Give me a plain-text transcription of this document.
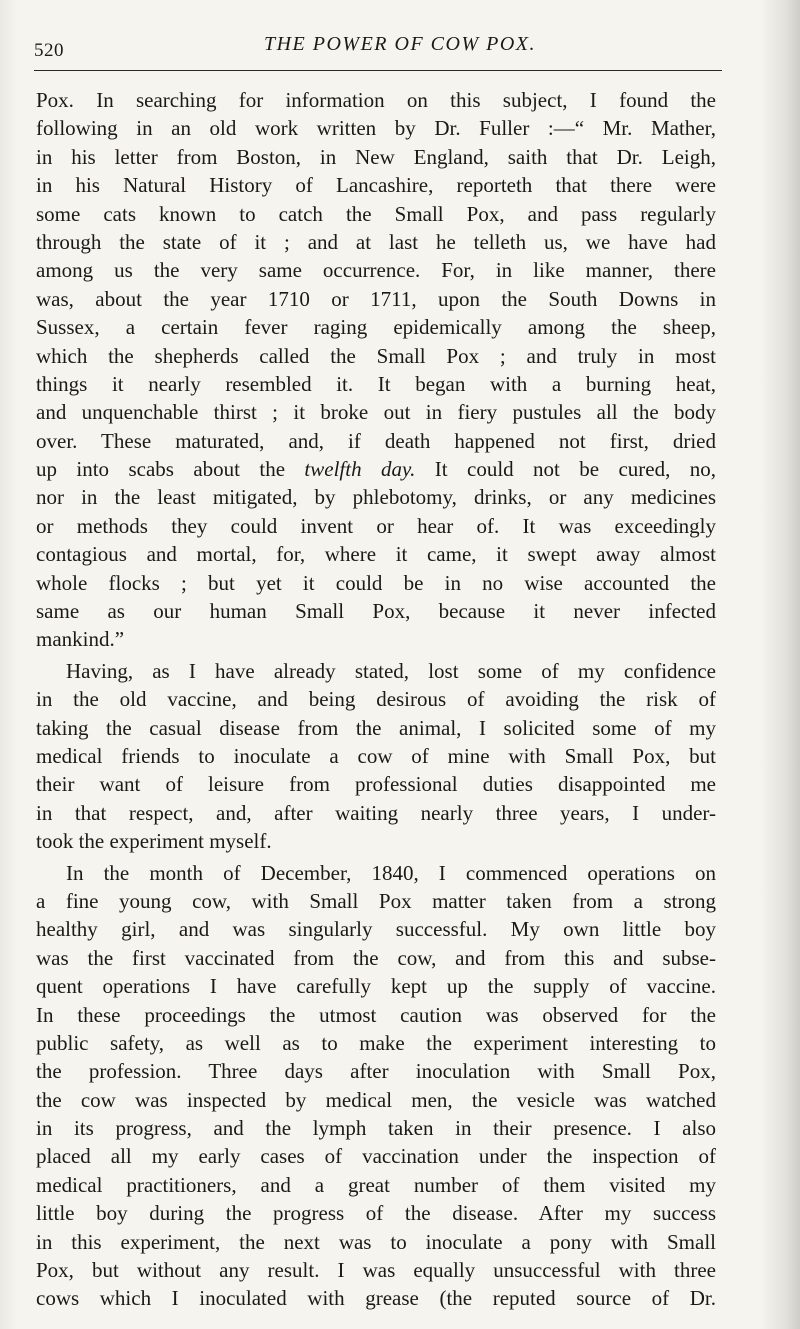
520	THE POWER OF COW POX.
Pox. In searching for information on this subject, I found the
following in an old work written by Dr. Fuller :—“ Mr. Mather,
in his letter from Boston, in New England, saith that Dr. Leigh,
in his Natural History of Lancashire, reporteth that there were
some cats known to catch the Small Pox, and pass regularly
through the state of it ; and at last he telleth us, we have had
among us the very same occurrence. For, in like manner, there
was, about the year 1710 or 1711, upon the South Downs in
Sussex, a certain fever raging epidemically among the sheep,
which the shepherds called the Small Pox ; and truly in most
things it nearly resembled it. It began with a burning heat,
and unquenchable thirst ; it broke out in fiery pustules all the body
over. These maturated, and, if death happened not first, dried
up into scabs about the twelfth day. It could not be cured, no,
nor in the least mitigated, by phlebotomy, drinks, or any medicines
or methods they could invent or hear of. It was exceedingly
contagious and mortal, for, where it came, it swept away almost
whole flocks ; but yet it could be in no wise accounted the
same as our human Small Pox, because it never infected
mankind.”
Having, as I have already stated, lost some of my confidence
in the old vaccine, and being desirous of avoiding the risk of
taking the casual disease from the animal, I solicited some of my
medical friends to inoculate a cow of mine with Small Pox, but
their want of leisure from professional duties disappointed me
in that respect, and, after waiting nearly three years, I under-
took the experiment myself.
In the month of December, 1840, I commenced operations on
a fine young cow, with Small Pox matter taken from a strong
healthy girl, and was singularly successful. My own little boy
was the first vaccinated from the cow, and from this and subse-
quent operations I have carefully kept up the supply of vaccine.
In these proceedings the utmost caution was observed for the
public safety, as well as to make the experiment interesting to
the profession. Three days after inoculation with Small Pox,
the cow was inspected by medical men, the vesicle was watched
in its progress, and the lymph taken in their presence. I also
placed all my early cases of vaccination under the inspection of
medical practitioners, and a great number of them visited my
little boy during the progress of the disease. After my success
in this experiment, the next was to inoculate a pony with Small
Pox, but without any result. I was equally unsuccessful with three
cows which I inoculated with grease (the reputed source of Dr.
